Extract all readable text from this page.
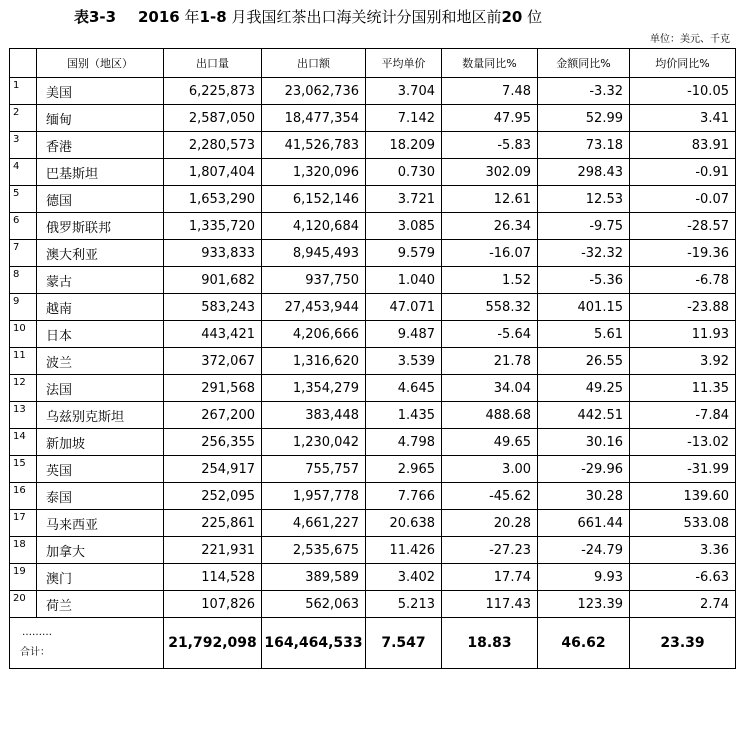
表3-3 2016 年1-8 月我国红茶出口海关统计分国别和地区前20 位
单位：美元、千克
	国别（地区）	出口量	出口额	平均单价	数量同比%	金额同比%	均价同比%
1	美国	6,225,873	23,062,736	3.704	7.48	-3.32	-10.05
2	缅甸	2,587,050	18,477,354	7.142	47.95	52.99	3.41
3	香港	2,280,573	41,526,783	18.209	-5.83	73.18	83.91
4	巴基斯坦	1,807,404	1,320,096	0.730	302.09	298.43	-0.91
5	德国	1,653,290	6,152,146	3.721	12.61	12.53	-0.07
6	俄罗斯联邦	1,335,720	4,120,684	3.085	26.34	-9.75	-28.57
7	澳大利亚	933,833	8,945,493	9.579	-16.07	-32.32	-19.36
8	蒙古	901,682	937,750	1.040	1.52	-5.36	-6.78
9	越南	583,243	27,453,944	47.071	558.32	401.15	-23.88
10	日本	443,421	4,206,666	9.487	-5.64	5.61	11.93
11	波兰	372,067	1,316,620	3.539	21.78	26.55	3.92
12	法国	291,568	1,354,279	4.645	34.04	49.25	11.35
13	乌兹别克斯坦	267,200	383,448	1.435	488.68	442.51	-7.84
14	新加坡	256,355	1,230,042	4.798	49.65	30.16	-13.02
15	英国	254,917	755,757	2.965	3.00	-29.96	-31.99
16	泰国	252,095	1,957,778	7.766	-45.62	30.28	139.60
17	马来西亚	225,861	4,661,227	20.638	20.28	661.44	533.08
18	加拿大	221,931	2,535,675	11.426	-27.23	-24.79	3.36
19	澳门	114,528	389,589	3.402	17.74	9.93	-6.63
20	荷兰	107,826	562,063	5.213	117.43	123.39	2.74

………
合计：		21,792,098	164,464,533	7.547	18.83	46.62	23.39
